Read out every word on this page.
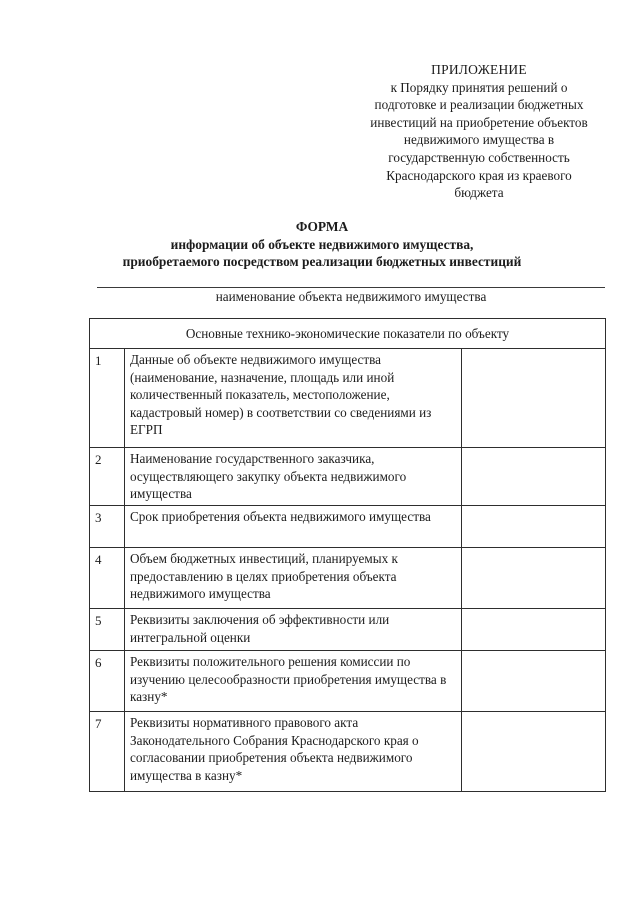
ПРИЛОЖЕНИЕ
к Порядку принятия решений о
подготовке и реализации бюджетных
инвестиций на приобретение объектов
недвижимого имущества в
государственную собственность
Краснодарского края из краевого
бюджета
ФОРМА
информации об объекте недвижимого имущества,
приобретаемого посредством реализации бюджетных инвестиций
наименование объекта недвижимого имущества
Основные технико-экономические показатели по объекту		
1	Данные об объекте недвижимого имущества (наименование, назначение, площадь или иной количественный показатель, местоположение, кадастровый номер) в соответствии со сведениями из ЕГРП	
2	Наименование государственного заказчика, осуществляющего закупку объекта недвижимого имущества	
3	Срок приобретения объекта недвижимого имущества	
4	Объем бюджетных инвестиций, планируемых к предоставлению в целях приобретения объекта недвижимого имущества	
5	Реквизиты заключения об эффективности или интегральной оценки	
6	Реквизиты положительного решения комиссии по изучению целесообразности приобретения имущества в казну*	
7	Реквизиты нормативного правового акта Законодательного Собрания Краснодарского края о согласовании приобретения объекта недвижимого имущества в казну*	
